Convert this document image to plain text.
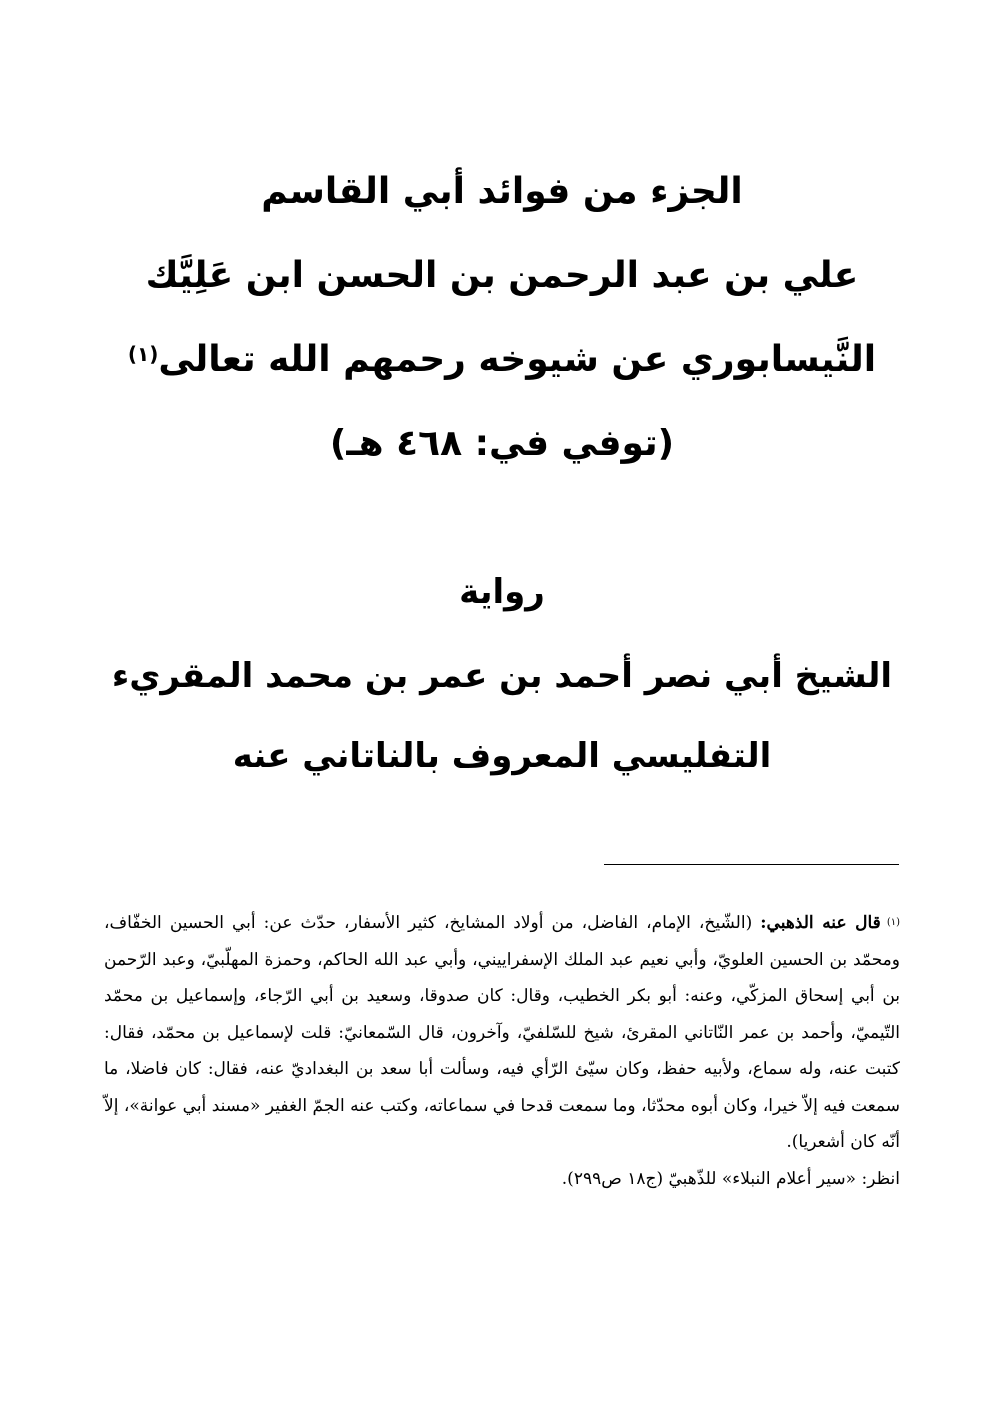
الجزء من فوائد أبي القاسم

علي بن عبد الرحمن بن الحسن ابن عَلِيَّك

النَّيسابوري عن شيوخه رحمهم الله تعالى$^{(١)}$

(توفي في: ٤٦٨ هـ)

رواية

الشيخ أبي نصر أحمد بن عمر بن محمد المقريء

التفليسي المعروف بالناتاني عنه

$^{(١)}$قال عنه الذهبي: (الشّيخ، الإمام، الفاضل، من أولاد المشايخ، كثير الأسفار، حدّث عن: أبي الحسين الخفّاف، ومحمّد بن الحسين العلويّ، وأبي نعيم عبد الملك الإسفراييني، وأبي عبد الله الحاكم، وحمزة المهلّبيّ، وعبد الرّحمن بن أبي إسحاق المزكّي، وعنه: أبو بكر الخطيب، وقال: كان صدوقا، وسعيد بن أبي الرّجاء، وإسماعيل بن محمّد التّيميّ، وأحمد بن عمر النّاتاني المقرئ، شيخ للسّلفيّ، وآخرون، قال السّمعانيّ: قلت لإسماعيل بن محمّد، فقال: كتبت عنه، وله سماع، ولأبيه حفظ، وكان سيّئ الرّأي فيه، وسألت أبا سعد بن البغداديّ عنه، فقال: كان فاضلا، ما سمعت فيه إلاّ خيرا، وكان أبوه محدّثا، وما سمعت قدحا في سماعاته، وكتب عنه الجمّ الغفير «مسند أبي عوانة»، إلاّ أنّه كان أشعريا).

انظر: «سير أعلام النبلاء» للذّهبيّ (ج١٨ ص٢٩٩).
